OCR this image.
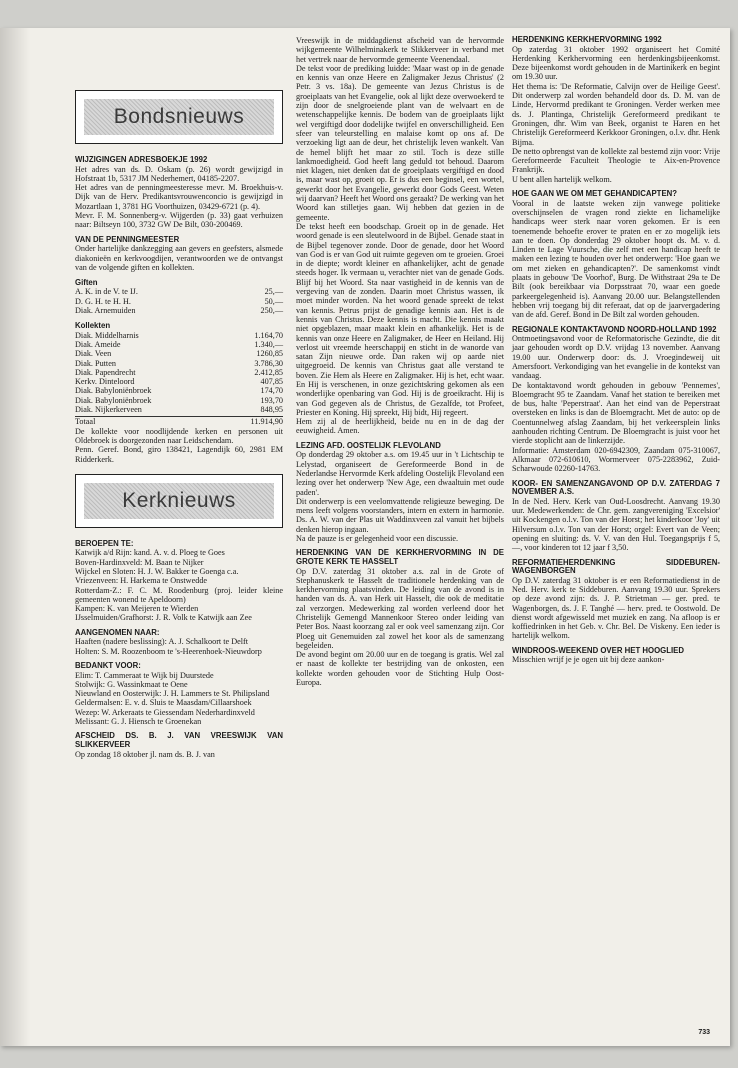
Bondsnieuws
WIJZIGINGEN ADRESBOEKJE 1992

Het adres van ds. D. Oskam (p. 26) wordt gewijzigd in Hofstraat 1b, 5317 JM Nederhemert, 04185-2207.
Het adres van de penningmeesteresse mevr. M. Broekhuis-v. Dijk van de Herv. Predikantsvrouwenconcio is gewijzigd in Mozartlaan 1, 3781 HG Voorthuizen, 03429-6721 (p. 4).
Mevr. F. M. Sonnenberg-v. Wijgerden (p. 33) gaat verhuizen naar: Biltseyn 100, 3732 GW De Bilt, 030-200469.

VAN DE PENNINGMEESTER

Onder hartelijke dankzegging aan gevers en geefsters, alsmede diakonieën en kerkvoogdijen, verantwoorden we de ontvangst van de volgende giften en kollekten.

Giften
A. K. in de V. te IJ.	25,—
D. G. H. te H. H.	50,—
Diak. Arnemuiden	250,—
Kollekten
Diak. Middelharnis	1.164,70
Diak. Ameide	1.340,—
Diak. Veen	1260,85
Diak. Putten	3.786,30
Diak. Papendrecht	2.412,85
Kerkv. Dinteloord	407,85
Diak. Babyloniënbroek	174,70
Diak. Babyloniënbroek	193,70
Diak. Nijkerkerveen	848,95
Totaal	11.914,90

De kollekte voor noodlijdende kerken en personen uit Oldebroek is doorgezonden naar Leidschendam.
Penn. Geref. Bond, giro 138421, Lagendijk 60, 2981 EM Ridderkerk.

Kerknieuws
BEROEPEN TE:

Katwijk a/d Rijn: kand. A. v. d. Ploeg te Goes
Boven-Hardinxveld: M. Baan te Nijker
Wijckel en Sloten: H. J. W. Bakker te Goenga c.a.
Vriezenveen: H. Harkema te Onstwedde
Rotterdam-Z.: F. C. M. Roodenburg (proj. leider kleine gemeenten wonend te Apeldoorn)
Kampen: K. van Meijeren te Wierden
IJsselmuiden/Grafhorst: J. R. Volk te Katwijk aan Zee

AANGENOMEN NAAR:

Haaften (nadere beslissing): A. J. Schalkoort te Delft
Holten: S. M. Roozenboom te 's-Heerenhoek-Nieuwdorp

BEDANKT VOOR:

Elim: T. Cammeraat te Wijk bij Duurstede
Stolwijk: G. Wassinkmaat te Oene
Nieuwland en Oosterwijk: J. H. Lammers te St. Philipsland
Geldermalsen: E. v. d. Sluis te Maasdam/Cillaarshoek
Wezep: W. Arkeraats te Giessendam Nederhardinxveld
Melissant: G. J. Hiensch te Groenekan

AFSCHEID DS. B. J. VAN VREESWIJK VAN SLIKKERVEER

Op zondag 18 oktober jl. nam ds. B. J. van

Vreeswijk in de middagdienst afscheid van de hervormde wijkgemeente Wilhelminakerk te Slikkerveer in verband met het vertrek naar de hervormde gemeente Veenendaal.
De tekst voor de prediking luidde: 'Maar wast op in de genade en kennis van onze Heere en Zaligmaker Jezus Christus' (2 Petr. 3 vs. 18a). De gemeente van Jezus Christus is de groeiplaats van het Evangelie, ook al lijkt deze overwoekerd te zijn door de snelgroeiende plant van de welvaart en de wetenschappelijke kennis. De bodem van de groeiplaats lijkt wel vergiftigd door dodelijke twijfel en onverschilligheid. Een sfeer van teleurstelling en malaise komt op ons af. De verzoeking ligt aan de deur, het christelijk leven wankelt. Van de hemel blijft het maar zo stil. Toch is deze stille lankmoedigheid. God heeft lang geduld tot behoud. Daarom niet klagen, niet denken dat de groeiplaats vergiftigd en dood is, maar wast op, groeit op. Er is dus een beginsel, een wortel, gewerkt door het Evangelie, gewerkt door Gods Geest. Weten wij daarvan? Heeft het Woord ons geraakt? De werking van het Woord kan stilletjes gaan. Wij hebben dat gezien in de gemeente.
De tekst heeft een boodschap. Groeit op in de genade. Het woord genade is een sleutelwoord in de Bijbel. Genade staat in de Bijbel tegenover zonde. Door de genade, door het Woord van God is er van God uit ruimte gegeven om te groeien. Groei in de diepte; wordt kleiner en afhankelijker, acht de genade steeds hoger. Ik vermaan u, verachter niet van de genade Gods. Blijf bij het Woord. Sta naar vastigheid in de kennis van de vergeving van de zonden. Daarin moet Christus wassen, ik moet minder worden. Na het woord genade spreekt de tekst van kennis. Petrus prijst de genadige kennis aan. Het is de kennis van Christus. Deze kennis is macht. Die kennis maakt niet opgeblazen, maar maakt klein en afhankelijk. Het is de kennis van onze Heere en Zaligmaker, de Heer en Heiland. Hij verlost uit vreemde heerschappij en sticht in de wanorde van satan Zijn nieuwe orde. Dan raken wij op aarde niet uitgegroeid. De kennis van Christus gaat alle verstand te boven. Zie Hem als Heere en Zaligmaker. Hij is het, echt waar. En Hij is verschenen, in onze gezichtskring gekomen als een wonderlijke openbaring van God. Hij is de groeikracht. Hij is van God gegeven als de Christus, de Gezalfde, tot Profeet, Priester en Koning. Hij spreekt, Hij bidt, Hij regeert.
Hem zij al de heerlijkheid, beide nu en in de dag der eeuwigheid. Amen.

LEZING AFD. OOSTELIJK FLEVOLAND

Op donderdag 29 oktober a.s. om 19.45 uur in 't Lichtschip te Lelystad, organiseert de Gereformeerde Bond in de Nederlandse Hervormde Kerk afdeling Oostelijk Flevoland een lezing over het onderwerp 'New Age, een dwaaltuin met oude paden'.
Dit onderwerp is een veelomvattende religieuze beweging. De mens leeft volgens voorstanders, intern en extern in harmonie. Ds. A. W. van der Plas uit Waddinxveen zal vanuit het bijbels denken hierop ingaan.
Na de pauze is er gelegenheid voor een discussie.

HERDENKING VAN DE KERKHERVORMING IN DE GROTE KERK TE HASSELT

Op D.V. zaterdag 31 oktober a.s. zal in de Grote of Stephanuskerk te Hasselt de traditionele herdenking van de kerkhervorming plaatsvinden. De leiding van de avond is in handen van ds. A. van Herk uit Hasselt, die ook de meditatie zal verzorgen. Medewerking zal worden verleend door het Christelijk Gemengd Mannenkoor Stereo onder leiding van Peter Bos. Naast koorzang zal er ook veel samenzang zijn. Cor Ploeg uit Genemuiden zal zowel het koor als de samenzang begeleiden.
De avond begint om 20.00 uur en de toegang is gratis. Wel zal er naast de kollekte ter bestrijding van de onkosten, een kollekte worden gehouden voor de Stichting Hulp Oost-Europa.

HERDENKING KERKHERVORMING 1992

Op zaterdag 31 oktober 1992 organiseert het Comité Herdenking Kerkhervorming een herdenkingsbijeenkomst. Deze bijeenkomst wordt gehouden in de Martinikerk en begint om 19.30 uur.
Het thema is: 'De Reformatie, Calvijn over de Heilige Geest'. Dit onderwerp zal worden behandeld door ds. D. M. van de Linde, Hervormd predikant te Groningen. Verder werken mee ds. J. Plantinga, Christelijk Gereformeerd predikant te Groningen, dhr. Wim van Beek, organist te Haren en het Christelijk Gereformeerd Kerkkoor Groningen, o.l.v. dhr. Henk Bijma.
De netto opbrengst van de kollekte zal bestemd zijn voor: Vrije Gereformeerde Faculteit Theologie te Aix-en-Provence Frankrijk.
U bent allen hartelijk welkom.

HOE GAAN WE OM MET GEHANDICAPTEN?

Vooral in de laatste weken zijn vanwege politieke overschijnselen de vragen rond ziekte en lichamelijke handicaps weer sterk naar voren gekomen. Er is een toenemende behoefte erover te praten en er zo mogelijk iets aan te doen. Op donderdag 29 oktober hoopt ds. M. v. d. Linden te Lage Vuursche, die zelf met een handicap heeft te maken een lezing te houden over het onderwerp: 'Hoe gaan we om met zieken en gehandicapten?'. De samenkomst vindt plaats in gebouw 'De Voorhof', Burg. De Withstraat 29a te De Bilt (ook bereikbaar via Dorpsstraat 70, waar een goede parkeergelegenheid is). Aanvang 20.00 uur. Belangstellenden hebben vrij toegang bij dit referaat, dat op de jaarvergadering van de afd. Geref. Bond in De Bilt zal worden gehouden.

REGIONALE KONTAKTAVOND NOORD-HOLLAND 1992

Ontmoetingsavond voor de Reformatorische Gezindte, die dit jaar gehouden wordt op D.V. vrijdag 13 november. Aanvang 19.00 uur. Onderwerp door: ds. J. Vroegindeweij uit Amersfoort. Verkondiging van het evangelie in de kontekst van vandaag.
De kontaktavond wordt gehouden in gebouw 'Pennemes', Bloemgracht 95 te Zaandam. Vanaf het station te bereiken met de bus, halte 'Peperstraat'. Aan het eind van de Peperstraat oversteken en links is dan de Bloemgracht. Met de auto: op de Coentunnelweg afslag Zaandam, bij het verkeersplein links aanhouden richting Centrum. De Bloemgracht is juist voor het vierde stoplicht aan de linkerzijde.
Informatie: Amsterdam 020-6942309, Zaandam 075-310067, Alkmaar 072-610610, Wormerveer 075-2283962, Zuid-Scharwoude 02260-14763.

KOOR- EN SAMENZANGAVOND OP D.V. ZATERDAG 7 NOVEMBER A.S.

In de Ned. Herv. Kerk van Oud-Loosdrecht. Aanvang 19.30 uur. Medewerkenden: de Chr. gem. zangvereniging 'Excelsior' uit Kockengen o.l.v. Ton van der Horst; het kinderkoor 'Joy' uit Hilversum o.l.v. Ton van der Horst; orgel: Evert van de Veen; opening en sluiting: ds. V. V. van den Hul. Toegangsprijs f 5,—, voor kinderen tot 12 jaar f 3,50.

REFORMATIEHERDENKING SIDDEBUREN-WAGENBORGEN

Op D.V. zaterdag 31 oktober is er een Reformatiedienst in de Ned. Herv. kerk te Siddeburen. Aanvang 19.30 uur. Sprekers op deze avond zijn: ds. J. P. Strietman — ger. pred. te Wagenborgen, ds. J. F. Tanghé — herv. pred. te Oostwold. De dienst wordt afgewisseld met muziek en zang. Na afloop is er koffiedrinken in het Geb. v. Chr. Bel. De Viskeny. Een ieder is hartelijk welkom.

WINDROOS-WEEKEND OVER HET HOOGLIED

Misschien wrijf je je ogen uit bij deze aankon-

733
